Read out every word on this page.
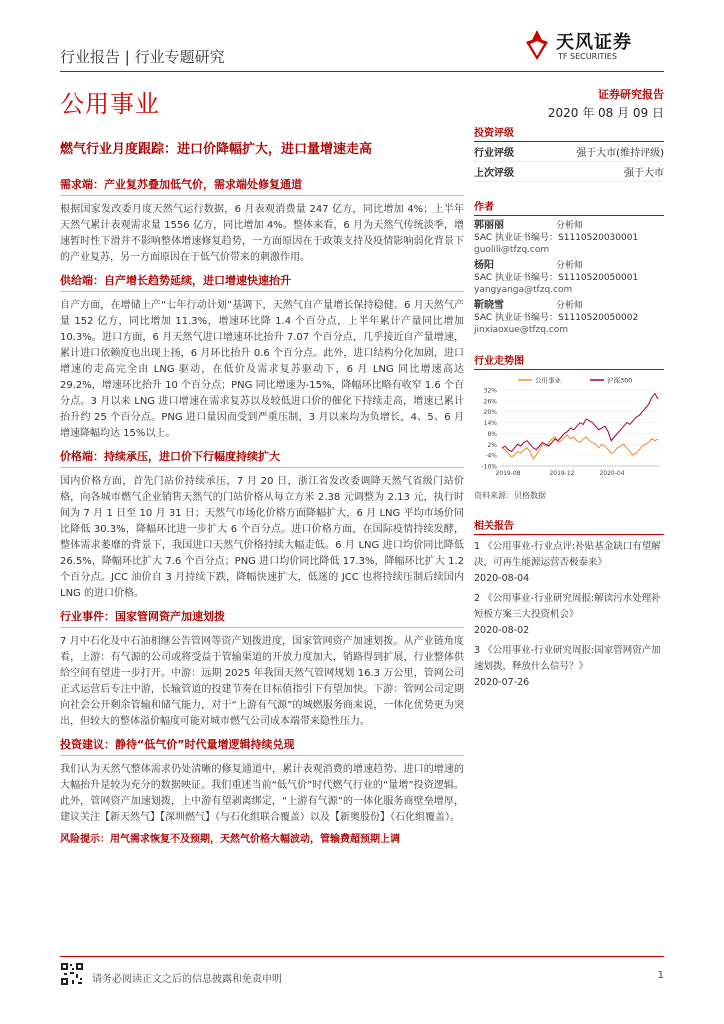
行业报告 | 行业专题研究
天风证券
TF SECURITIES
公用事业	证券研究报告
2020 年 08 月 09 日
燃气行业月度跟踪：进口价降幅扩大，进口量增速走高
需求端：产业复苏叠加低气价，需求端处修复通道
根据国家发改委月度天然气运行数据，6 月表观消费量 247 亿方，同比增加 4%；上半年天然气累计表观需求量 1556 亿方，同比增加 4%。整体来看，6 月为天然气传统淡季，增速暂时性下滑并不影响整体增速修复趋势，一方面原因在于政策支持及疫情影响弱化背景下的产业复苏，另一方面原因在于低气价带来的刺激作用。
供给端：自产增长趋势延续，进口增速快速抬升
自产方面，在增储上产“七年行动计划”基调下，天然气自产量增长保持稳健。6 月天然气产量 152 亿方，同比增加 11.3%，增速环比降 1.4 个百分点，上半年累计产量同比增加 10.3%。进口方面，6 月天然气进口增速环比抬升 7.07 个百分点，几乎接近自产量增速，累计进口依赖度也出现上扬，6 月环比抬升 0.6 个百分点。此外，进口结构分化加剧，进口增速的走高完全由 LNG 驱动，在低价及需求复苏驱动下，6 月 LNG 同比增速高达 29.2%，增速环比抬升 10 个百分点；PNG 同比增速为-15%，降幅环比略有收窄 1.6 个百分点。3 月以来 LNG 进口增速在需求复苏以及较低进口价的催化下持续走高，增速已累计抬升约 25 个百分点。PNG 进口量因而受到严重压制，3 月以来均为负增长，4、5、6 月增速降幅均达 15%以上。
价格端：持续承压，进口价下行幅度持续扩大
国内价格方面，首先门站价持续承压，7 月 20 日，浙江省发改委调降天然气省级门站价格，向各城市燃气企业销售天然气的门站价格从每立方米 2.38 元调整为 2.13 元，执行时间为 7 月 1 日至 10 月 31 日；天然气市场化价格方面降幅扩大，6 月 LNG 平均市场价同比降低 30.3%，降幅环比进一步扩大 6 个百分点。进口价格方面，在国际疫情持续发酵，整体需求萎靡的背景下，我国进口天然气价格持续大幅走低。6 月 LNG 进口均价同比降低 26.5%，降幅环比扩大 7.6 个百分点；PNG 进口均价同比降低 17.3%，降幅环比扩大 1.2 个百分点。JCC 油价自 3 月持续下跌，降幅快速扩大，低迷的 JCC 也将持续压制后续国内 LNG 的进口价格。
行业事件：国家管网资产加速划拨
7 月中石化及中石油相继公告管网等资产划拨进度，国家管网资产加速划拨。从产业链角度看，上游：有气源的公司或将受益于管输渠道的开放力度加大，销路得到扩展，行业整体供给空间有望进一步打开。中游：远期 2025 年我国天然气管网规划 16.3 万公里，管网公司正式运营后专注中游，长输管道的投建节奏在目标值指引下有望加快。下游：管网公司定期向社会公开剩余管输和储气能力，对于“上游有气源”的城燃服务商来说，一体化优势更为突出，但较大的整体溢价幅度可能对城市燃气公司成本端带来隐性压力。
投资建议：静待“低气价”时代量增逻辑持续兑现
我们认为天然气整体需求仍处清晰的修复通道中，累计表观消费的增速趋势、进口的增速的大幅抬升是较为充分的数据映证。我们重述当前“低气价”时代燃气行业的“量增”投资逻辑。此外，管网资产加速划拨，上中游有望剥离绑定，“上游有气源”的一体化服务商壁垒增厚，建议关注【新天然气】【深圳燃气】（与石化组联合覆盖）以及【新奥股份】（石化组覆盖）。
风险提示：用气需求恢复不及预期，天然气价格大幅波动，管输费超预期上调
投资评级
行业评级	强于大市(维持评级)
上次评级	强于大市
作者
郭丽丽	分析师
SAC 执业证书编号：S1110520030001
guolili@tfzq.com
杨阳	分析师
SAC 执业证书编号：S1110520050001
yangyanga@tfzq.com
靳晓雪	分析师
SAC 执业证书编号：S1110520050002
jinxiaoxue@tfzq.com
行业走势图
32%
26%
20%
14%
8%
2%
-4%
-10%
2019-08	2019-12	2020-04
公用事业	沪深300
资料来源：贝格数据
相关报告
1 《公用事业-行业点评:补贴基金缺口有望解决，可再生能源运营否极泰来》
2020-08-04
2 《公用事业-行业研究周报:解读污水处理补短板方案三大投资机会》
2020-08-02
3 《公用事业-行业研究周报:国家管网资产加速划拨，释放什么信号？》
2020-07-26
请务必阅读正文之后的信息披露和免责申明	1
